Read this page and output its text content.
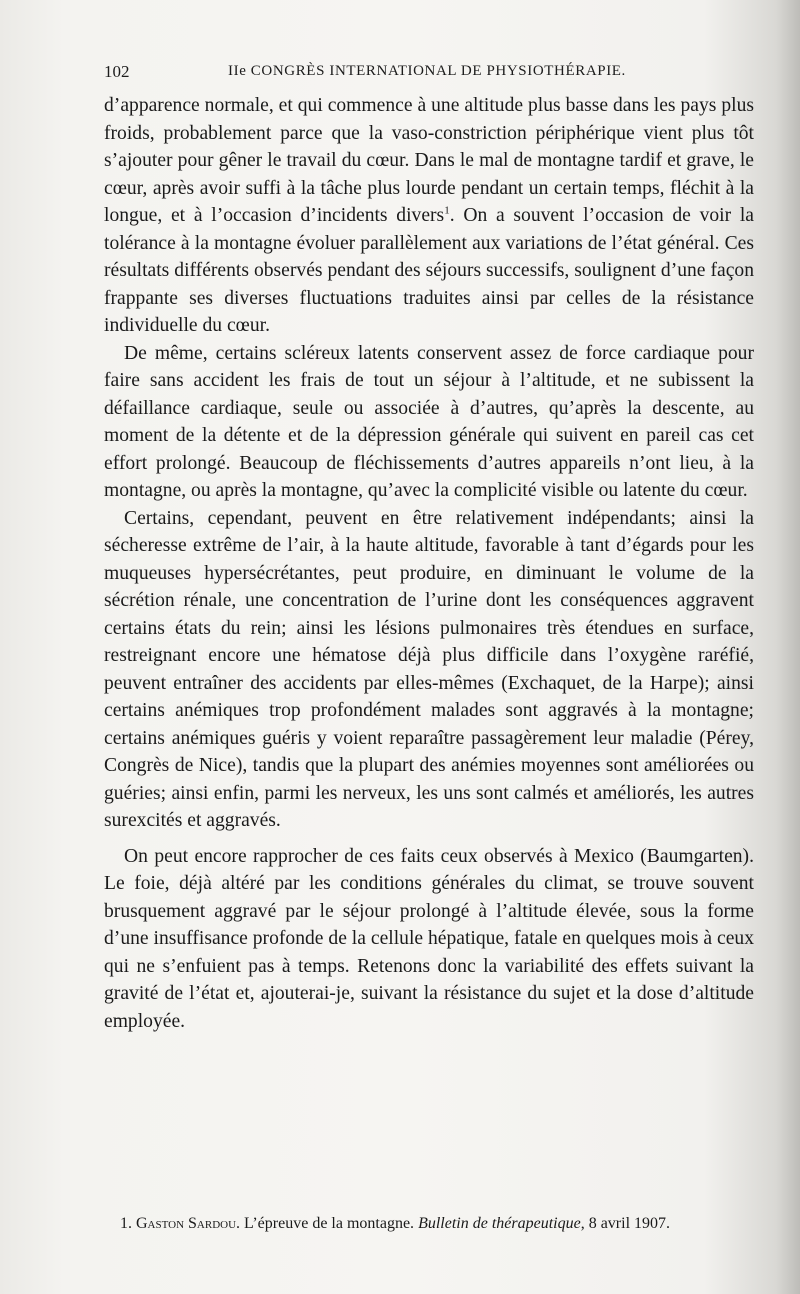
102	IIe CONGRÈS INTERNATIONAL DE PHYSIOTHÉRAPIE.

d’apparence normale, et qui commence à une altitude plus basse dans les pays plus froids, probablement parce que la vaso-constriction périphérique vient plus tôt s’ajouter pour gêner le travail du cœur. Dans le mal de montagne tardif et grave, le cœur, après avoir suffi à la tâche plus lourde pendant un certain temps, fléchit à la longue, et à l’occasion d’incidents divers$^1$. On a souvent l’occasion de voir la tolérance à la montagne évoluer parallèlement aux variations de l’état général. Ces résultats différents observés pendant des séjours successifs, soulignent d’une façon frappante ses diverses fluctuations traduites ainsi par celles de la résistance individuelle du cœur.

De même, certains scléreux latents conservent assez de force cardiaque pour faire sans accident les frais de tout un séjour à l’altitude, et ne subissent la défaillance cardiaque, seule ou associée à d’autres, qu’après la descente, au moment de la détente et de la dépression générale qui suivent en pareil cas cet effort prolongé. Beaucoup de fléchissements d’autres appareils n’ont lieu, à la montagne, ou après la montagne, qu’avec la complicité visible ou latente du cœur.

Certains, cependant, peuvent en être relativement indépendants; ainsi la sécheresse extrême de l’air, à la haute altitude, favorable à tant d’égards pour les muqueuses hypersécrétantes, peut produire, en diminuant le volume de la sécrétion rénale, une concentration de l’urine dont les conséquences aggravent certains états du rein; ainsi les lésions pulmonaires très étendues en surface, restreignant encore une hématose déjà plus difficile dans l’oxygène raréfié, peuvent entraîner des accidents par elles-mêmes (Exchaquet, de la Harpe); ainsi certains anémiques trop profondément malades sont aggravés à la montagne; certains anémiques guéris y voient reparaître passagèrement leur maladie (Pérey, Congrès de Nice), tandis que la plupart des anémies moyennes sont améliorées ou guéries; ainsi enfin, parmi les nerveux, les uns sont calmés et améliorés, les autres surexcités et aggravés.

On peut encore rapprocher de ces faits ceux observés à Mexico (Baumgarten). Le foie, déjà altéré par les conditions générales du climat, se trouve souvent brusquement aggravé par le séjour prolongé à l’altitude élevée, sous la forme d’une insuffisance profonde de la cellule hépatique, fatale en quelques mois à ceux qui ne s’enfuient pas à temps. Retenons donc la variabilité des effets suivant la gravité de l’état et, ajouterai-je, suivant la résistance du sujet et la dose d’altitude employée.

1. Gaston Sardou. L’épreuve de la montagne. Bulletin de thérapeutique, 8 avril 1907.
